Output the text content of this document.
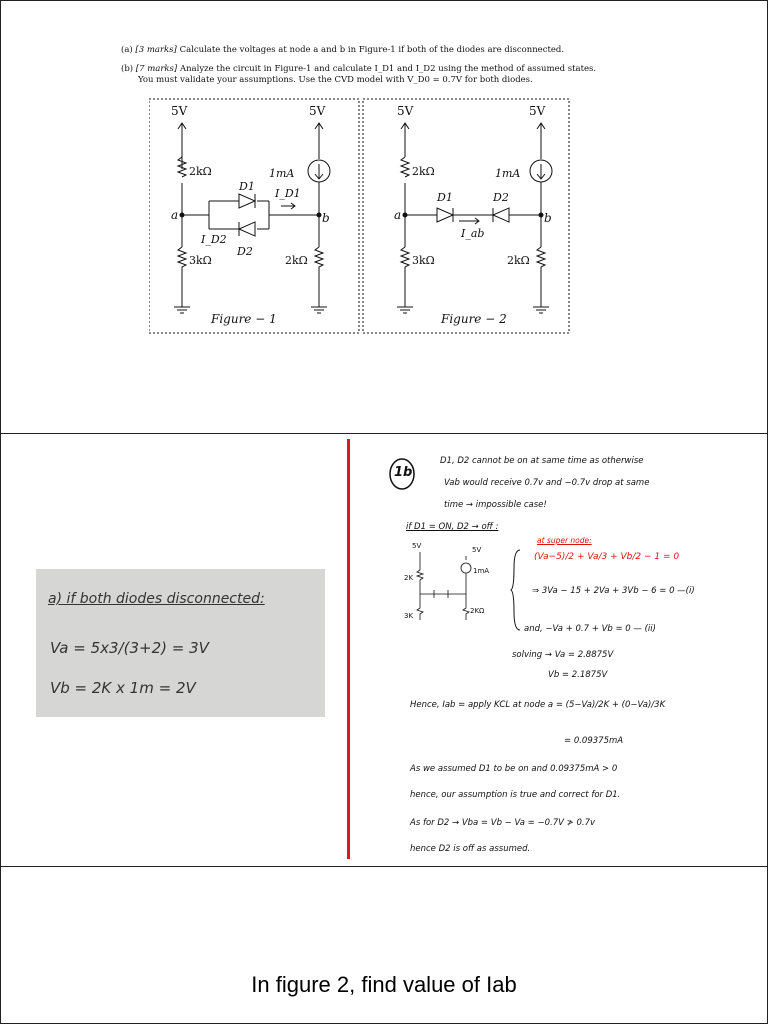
(a) [3 marks] Calculate the voltages at node a and b in Figure-1 if both of the diodes are disconnected.
(b) [7 marks] Analyze the circuit in Figure-1 and calculate I_D1 and I_D2 using the method of assumed states.
You must validate your assumptions. Use the CVD model with V_D0 = 0.7V for both diodes.
5V
2kΩ
a
3kΩ
5V
1mA
b
2kΩ
D1
I_D1
I_D2
D2
Figure − 1
5V
2kΩ
a
3kΩ
5V
1mA
b
2kΩ
D1	D2
I_ab
Figure − 2
a) if both diodes disconnected:
Va = 5x3/(3+2) = 3V
Vb = 2K x 1m = 2V
1b
D1, D2 cannot be on at same time as otherwise
Vab would receive 0.7v and −0.7v drop at same
time → impossible case!
if D1 = ON, D2 → off :
5V	5V
2K
1mA
3K
2KΩ
at super node:
(Va−5)/2 + Va/3 + Vb/2 − 1 = 0
⇒ 3Va − 15 + 2Va + 3Vb − 6 = 0 —(i)
and, −Va + 0.7 + Vb = 0 — (ii)
solving → Va = 2.8875V
Vb = 2.1875V
Hence, Iab = apply KCL at node a = (5−Va)/2K + (0−Va)/3K
= 0.09375mA
As we assumed D1 to be on and 0.09375mA > 0
hence, our assumption is true and correct for D1.
As for D2 → Vba = Vb − Va = −0.7V ≯ 0.7v
hence D2 is off as assumed.
In figure 2, find value of Iab
